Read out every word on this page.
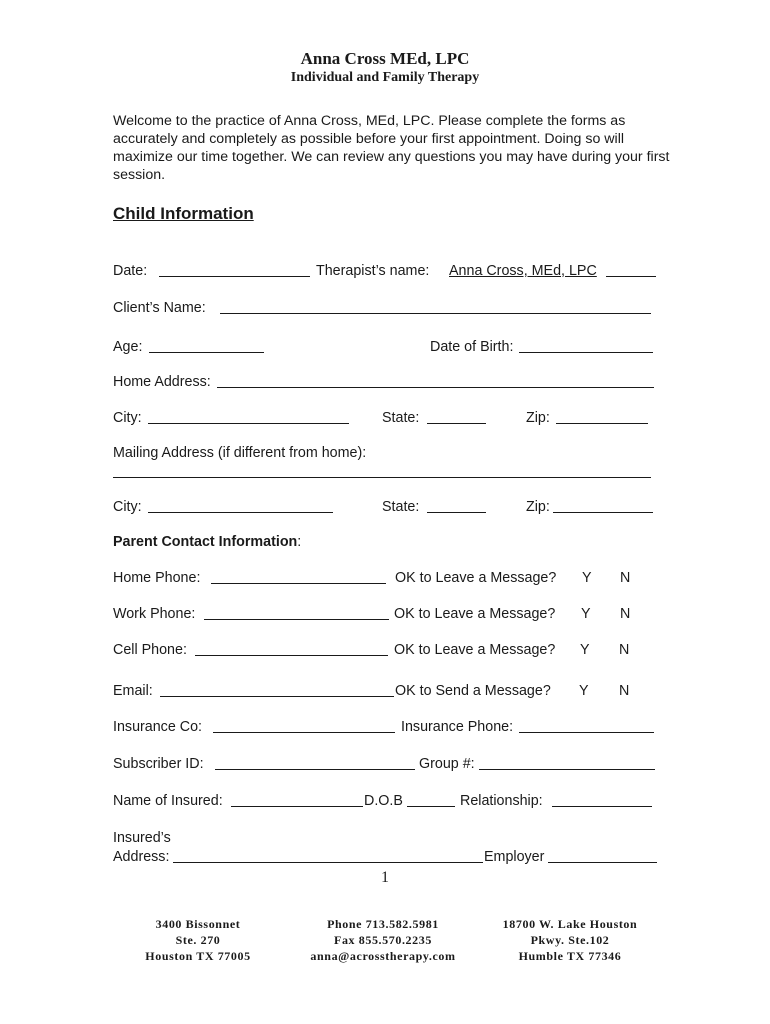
Anna Cross MEd, LPC
Individual and Family Therapy
Welcome to the practice of Anna Cross, MEd, LPC. Please complete the forms as accurately and completely as possible before your first appointment. Doing so will maximize our time together. We can review any questions you may have during your first session.
Child Information
Date:	Therapist’s name: Anna Cross, MEd, LPC
Client’s Name:
Age:	Date of Birth:
Home Address:
City:	State:	Zip:
Mailing Address (if different from home):
City:	State:	Zip:
Parent Contact Information:
Home Phone:	OK to Leave a Message? Y N
Work Phone:	OK to Leave a Message? Y N
Cell Phone:	OK to Leave a Message? Y N
Email:	OK to Send a Message? Y N
Insurance Co:	Insurance Phone:
Subscriber ID:	Group #:
Name of Insured:	D.O.B	Relationship:
Insured’s
Address:	Employer
1
3400 Bissonnet
Ste. 270
Houston TX 77005
Phone 713.582.5981
Fax 855.570.2235
anna@acrosstherapy.com
18700 W. Lake Houston
Pkwy. Ste.102
Humble TX 77346
